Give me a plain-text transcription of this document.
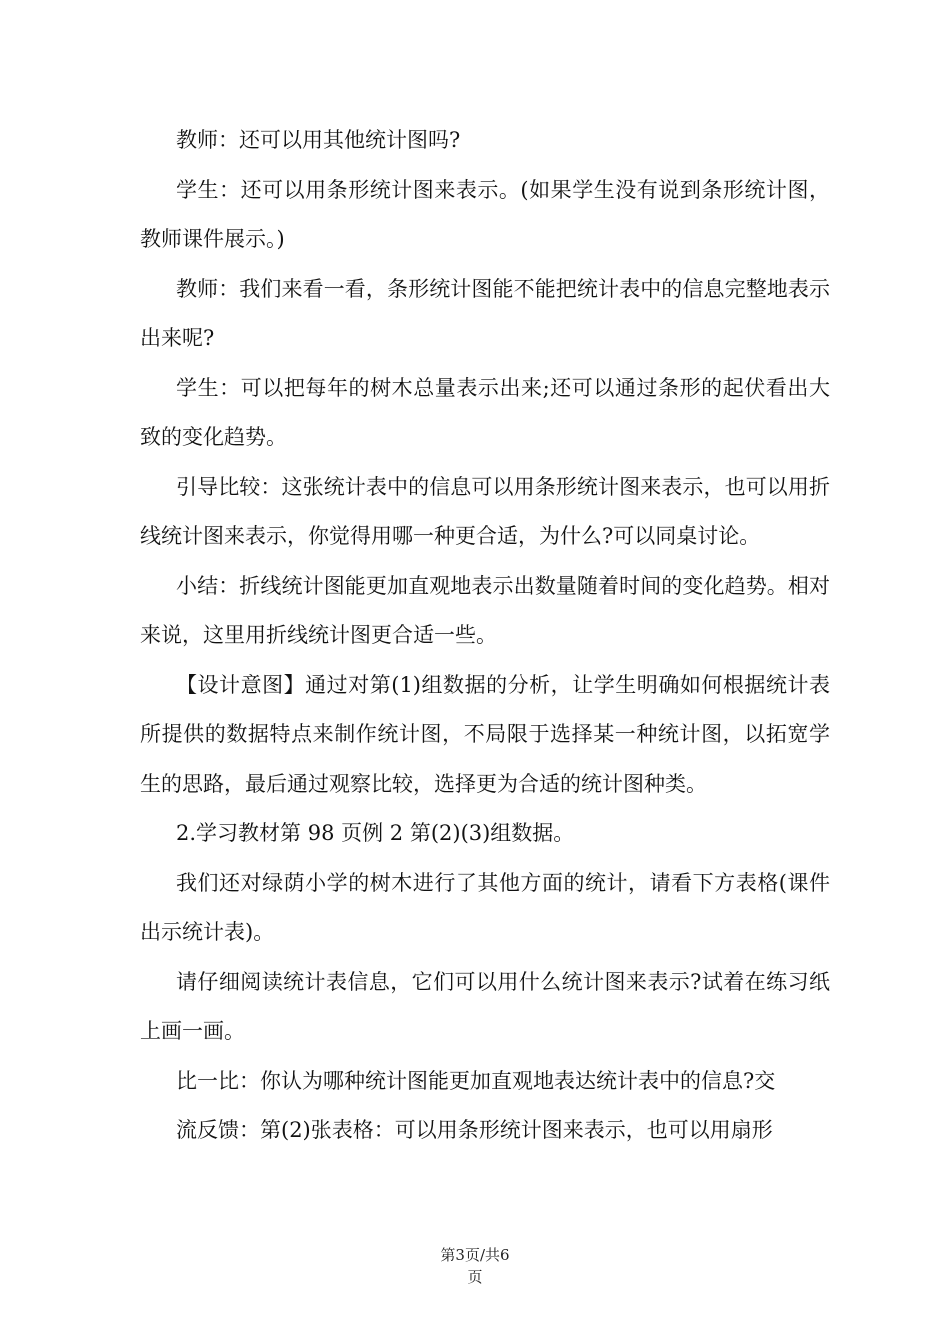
教师：还可以用其他统计图吗?

学生：还可以用条形统计图来表示。(如果学生没有说到条形统计图，教师课件展示。)

教师：我们来看一看，条形统计图能不能把统计表中的信息完整地表示出来呢?

学生：可以把每年的树木总量表示出来;还可以通过条形的起伏看出大致的变化趋势。

引导比较：这张统计表中的信息可以用条形统计图来表示，也可以用折线统计图来表示，你觉得用哪一种更合适，为什么?可以同桌讨论。

小结：折线统计图能更加直观地表示出数量随着时间的变化趋势。相对来说，这里用折线统计图更合适一些。

【设计意图】通过对第(1)组数据的分析，让学生明确如何根据统计表所提供的数据特点来制作统计图，不局限于选择某一种统计图，以拓宽学生的思路，最后通过观察比较，选择更为合适的统计图种类。

2.学习教材第 98 页例 2 第(2)(3)组数据。

我们还对绿荫小学的树木进行了其他方面的统计，请看下方表格(课件出示统计表)。

请仔细阅读统计表信息，它们可以用什么统计图来表示?试着在练习纸上画一画。

比一比：你认为哪种统计图能更加直观地表达统计表中的信息?交

流反馈：第(2)张表格：可以用条形统计图来表示，也可以用扇形

第3页/共6
页
